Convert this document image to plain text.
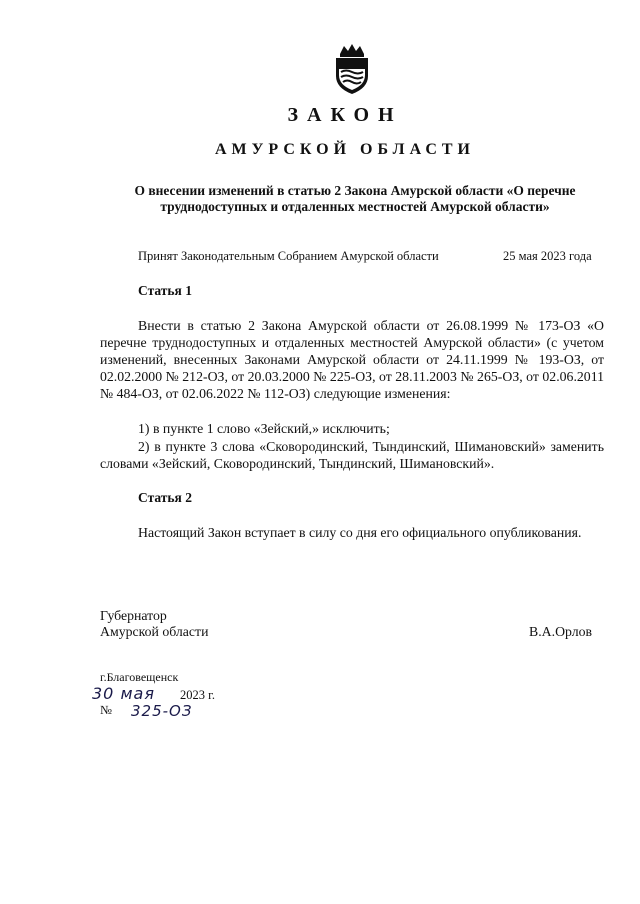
ЗАКОН
АМУРСКОЙ ОБЛАСТИ
О внесении изменений в статью 2 Закона Амурской области «О перечне
труднодоступных и отдаленных местностей Амурской области»
Принят Законодательным Собранием Амурской области	25 мая 2023 года
Статья 1
Внести в статью 2 Закона Амурской области от 26.08.1999 № 173-ОЗ «О перечне труднодоступных и отдаленных местностей Амурской области» (с учетом изменений, внесенных Законами Амурской области от 24.11.1999 № 193-ОЗ, от 02.02.2000 № 212-ОЗ, от 20.03.2000 № 225-ОЗ, от 28.11.2003 № 265-ОЗ, от 02.06.2011 № 484-ОЗ, от 02.06.2022 № 112-ОЗ) следующие изменения:
1) в пункте 1 слово «Зейский,» исключить;
2) в пункте 3 слова «Сковородинский, Тындинский, Шимановский» заменить словами «Зейский, Сковородинский, Тындинский, Шимановский».
Статья 2
Настоящий Закон вступает в силу со дня его официального опубликования.
Губернатор
Амурской области	В.А.Орлов
г.Благовещенск
30 мая 2023 г.
№ 325-ОЗ
